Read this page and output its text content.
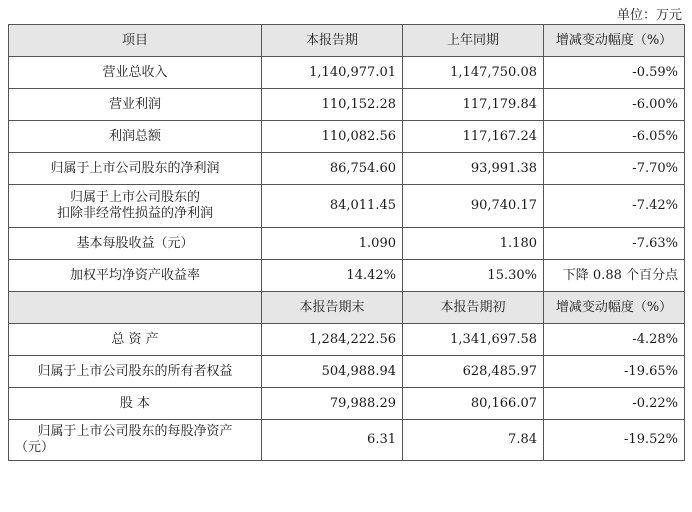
单位：万元
项目	本报告期	上年同期	增减变动幅度（%）
营业总收入	1,140,977.01	1,147,750.08	-0.59%
营业利润	110,152.28	117,179.84	-6.00%
利润总额	110,082.56	117,167.24	-6.05%
归属于上市公司股东的净利润	86,754.60	93,991.38	-7.70%

归属于上市公司股东的
扣除非经常性损益的净利润	84,011.45	90,740.17	-7.42%
基本每股收益（元）	1.090	1.180	-7.63%
加权平均净资产收益率	14.42%	15.30%	下降 0.88 个百分点
	本报告期末	本报告期初	增减变动幅度（%）
总 资 产	1,284,222.56	1,341,697.58	-4.28%
归属于上市公司股东的所有者权益	504,988.94	628,485.97	-19.65%
股 本	79,988.29	80,166.07	-0.22%

归属于上市公司股东的每股净资产
（元）	6.31	7.84	-19.52%
